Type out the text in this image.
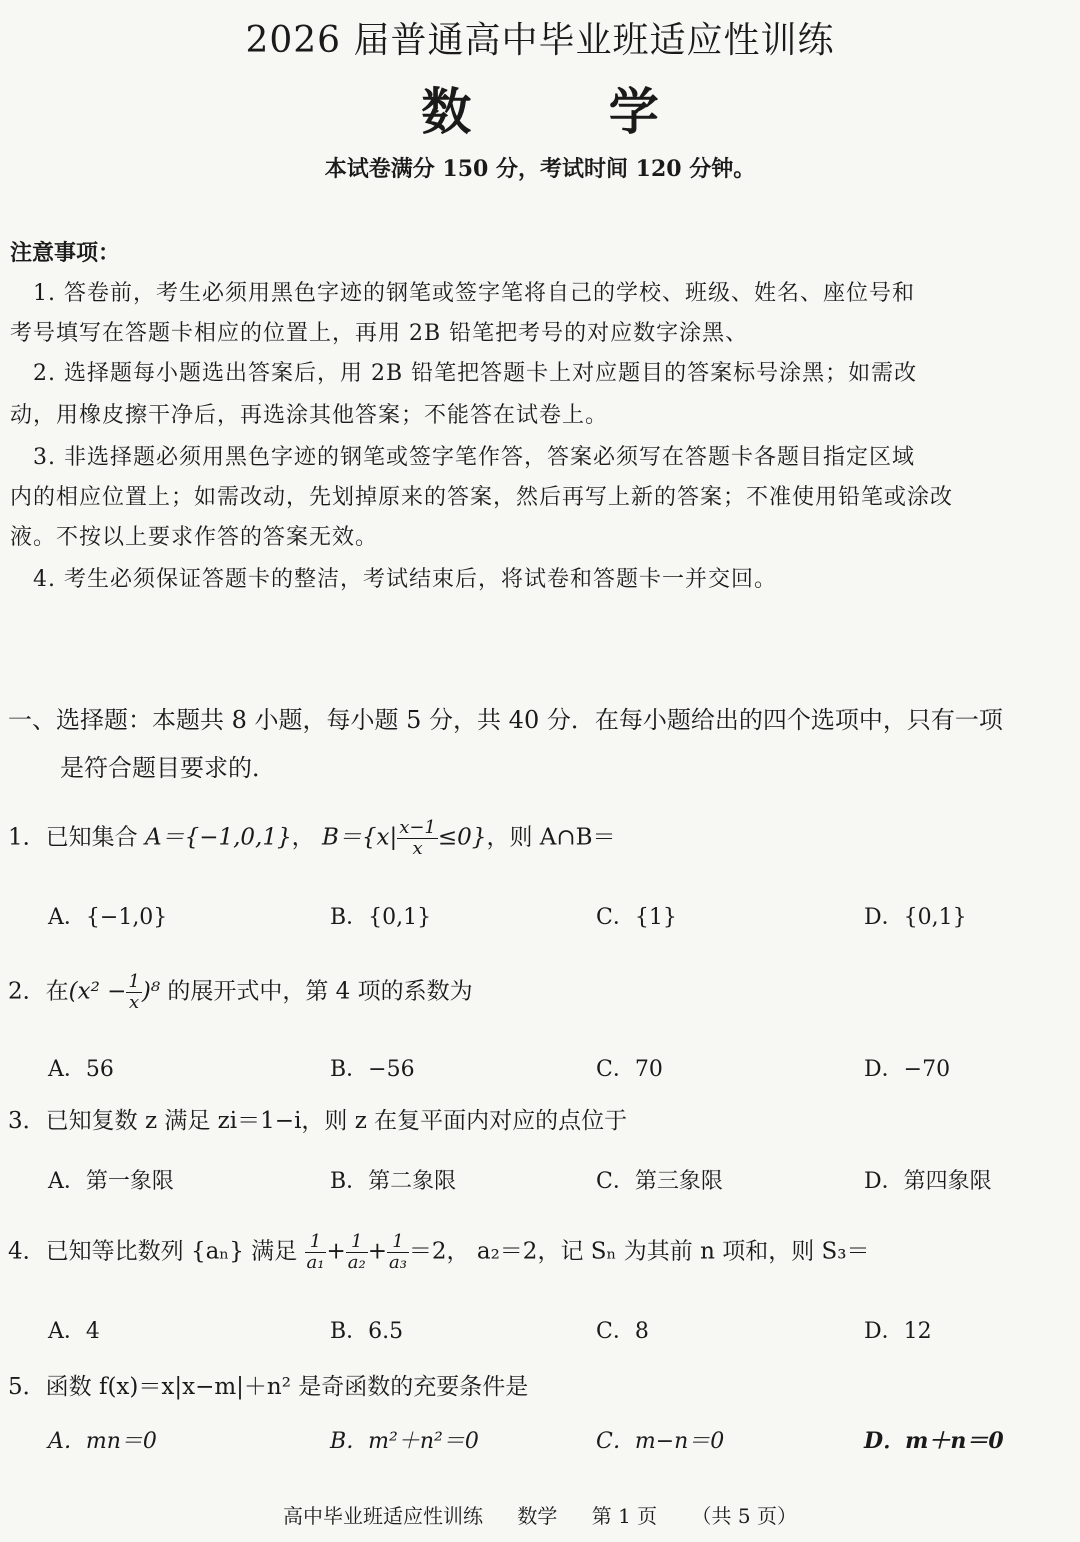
2026 届普通高中毕业班适应性训练
数 学
本试卷满分 150 分，考试时间 120 分钟。
注意事项：
　1. 答卷前，考生必须用黑色字迹的钢笔或签字笔将自己的学校、班级、姓名、座位号和
考号填写在答题卡相应的位置上，再用 2B 铅笔把考号的对应数字涂黑、
　2. 选择题每小题选出答案后，用 2B 铅笔把答题卡上对应题目的答案标号涂黑；如需改
动，用橡皮擦干净后，再选涂其他答案；不能答在试卷上。
　3. 非选择题必须用黑色字迹的钢笔或签字笔作答，答案必须写在答题卡各题目指定区域
内的相应位置上；如需改动，先划掉原来的答案，然后再写上新的答案；不准使用铅笔或涂改
液。不按以上要求作答的答案无效。
　4. 考生必须保证答题卡的整洁，考试结束后，将试卷和答题卡一并交回。
一、选择题：本题共 8 小题，每小题 5 分，共 40 分．在每小题给出的四个选项中，只有一项
是符合题目要求的．
1．已知集合 A＝{−1,0,1}， $B=\{x| \frac{x-1}{x} \le 0\}$，则 A∩B＝
A．{−1,0}	B．{0,1}	C．{1}	D．{0,1}
2．在$(x^2 - \frac{1}{x} )^8$ 的展开式中，第 4 项的系数为
A．56	B．−56	C．70	D．−70
3．已知复数 z 满足 zi＝1−i，则 z 在复平面内对应的点位于
A．第一象限	B．第二象限	C．第三象限	D．第四象限
4．已知等比数列 {aₙ} 满足 $\frac{1}{\text{a₁}} + \frac{1}{\text{a₂}} + \frac{1}{\text{a₃}} =2$， a₂＝2，记 Sₙ 为其前 n 项和，则 S₃＝
A．4	B．6.5	C．8	D．12
5．函数 f(x)＝x|x−m|＋n² 是奇函数的充要条件是
A．mn＝0	B．m²＋n²＝0	C．m−n＝0	D．m＋n＝0
高中毕业班适应性训练 数学 第 1 页 （共 5 页）
